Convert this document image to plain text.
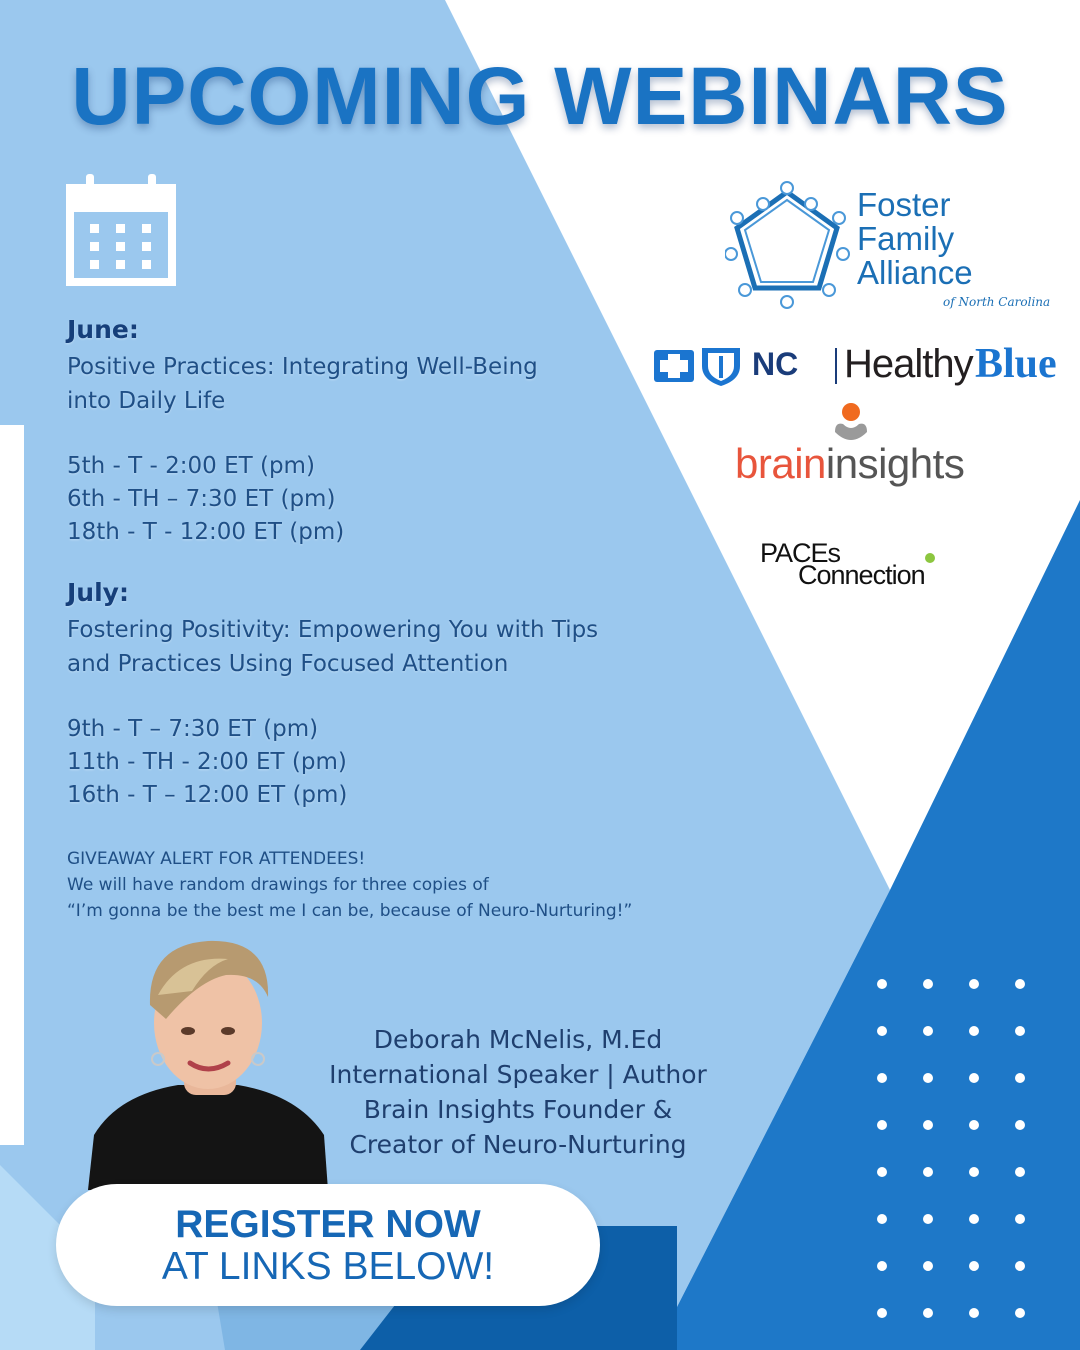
UPCOMING WEBINARS
June:
Positive Practices: Integrating Well-Being
into Daily Life
5th - T - 2:00 ET (pm)
6th - TH – 7:30 ET (pm)
18th - T - 12:00 ET (pm)
July:
Fostering Positivity: Empowering You with Tips
and Practices Using Focused Attention
9th - T – 7:30 ET (pm)
11th - TH - 2:00 ET (pm)
16th - T – 12:00 ET (pm)
GIVEAWAY ALERT FOR ATTENDEES!
We will have random drawings for three copies of
“I’m gonna be the best me I can be, because of Neuro-Nurturing!”
Foster
Family
Alliance
of North Carolina
NC Healthy Blue
braininsights
PACEs
Connection
Deborah McNelis, M.Ed
International Speaker | Author
Brain Insights Founder &
Creator of Neuro-Nurturing
REGISTER NOW
AT LINKS BELOW!
